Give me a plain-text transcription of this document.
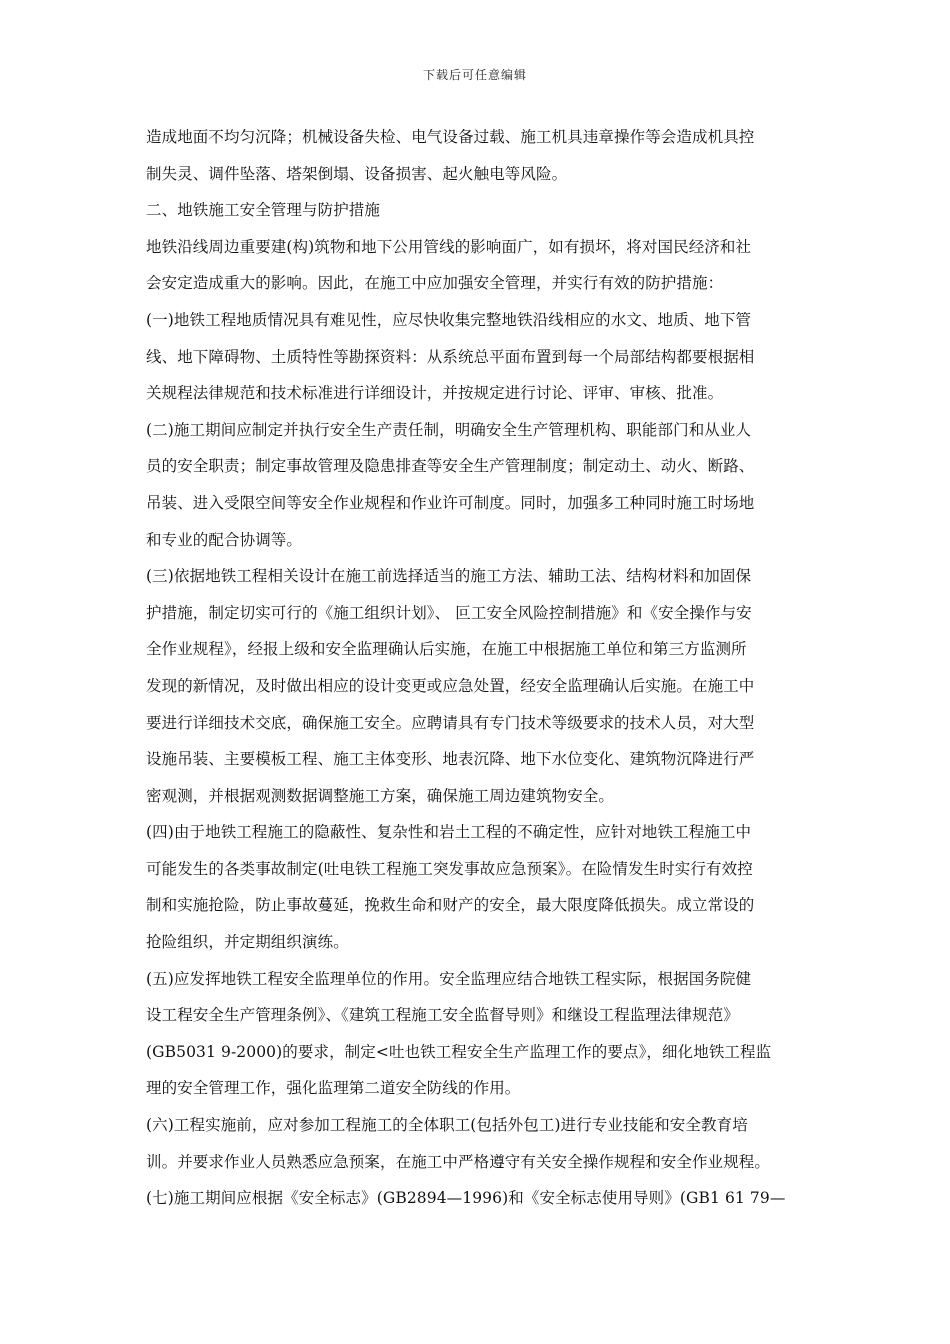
下载后可任意编辑
造成地面不均匀沉降；机械设备失检、电气设备过载、施工机具违章操作等会造成机具控
制失灵、调件坠落、塔架倒塌、设备损害、起火触电等风险。
二、地铁施工安全管理与防护措施
地铁沿线周边重要建(构)筑物和地下公用管线的影响面广，如有损坏，将对国民经济和社
会安定造成重大的影响。因此，在施工中应加强安全管理，并实行有效的防护措施：
(一)地铁工程地质情况具有难见性，应尽快收集完整地铁沿线相应的水文、地质、地下管
线、地下障碍物、土质特性等勘探资料：从系统总平面布置到每一个局部结构都要根据相
关规程法律规范和技术标准进行详细设计，并按规定进行讨论、评审、审核、批准。
(二)施工期间应制定并执行安全生产责任制，明确安全生产管理机构、职能部门和从业人
员的安全职责；制定事故管理及隐患排查等安全生产管理制度；制定动土、动火、断路、
吊装、进入受限空间等安全作业规程和作业许可制度。同时，加强多工种同时施工时场地
和专业的配合协调等。
(三)依据地铁工程相关设计在施工前选择适当的施工方法、辅助工法、结构材料和加固保
护措施，制定切实可行的《施工组织计划》、 叵工安全风险控制措施》和《安全操作与安
全作业规程》，经报上级和安全监理确认后实施，在施工中根据施工单位和第三方监测所
发现的新情况，及时做出相应的设计变更或应急处置，经安全监理确认后实施。在施工中
要进行详细技术交底，确保施工安全。应聘请具有专门技术等级要求的技术人员，对大型
设施吊装、主要模板工程、施工主体变形、地表沉降、地下水位变化、建筑物沉降进行严
密观测，并根据观测数据调整施工方案，确保施工周边建筑物安全。
(四)由于地铁工程施工的隐蔽性、复杂性和岩土工程的不确定性，应针对地铁工程施工中
可能发生的各类事故制定(吐电铁工程施工突发事故应急预案》。在险情发生时实行有效控
制和实施抢险，防止事故蔓延，挽救生命和财产的安全，最大限度降低损失。成立常设的
抢险组织，并定期组织演练。
(五)应发挥地铁工程安全监理单位的作用。安全监理应结合地铁工程实际，根据国务院健
设工程安全生产管理条例》、《建筑工程施工安全监督导则》和继设工程监理法律规范》
(GB5031 9-2000)的要求，制定<吐也铁工程安全生产监理工作的要点》，细化地铁工程监
理的安全管理工作，强化监理第二道安全防线的作用。
(六)工程实施前，应对参加工程施工的全体职工(包括外包工)进行专业技能和安全教育培
训。并要求作业人员熟悉应急预案，在施工中严格遵守有关安全操作规程和安全作业规程。
(七)施工期间应根据《安全标志》(GB2894—1996)和《安全标志使用导则》(GB1 61 79—
